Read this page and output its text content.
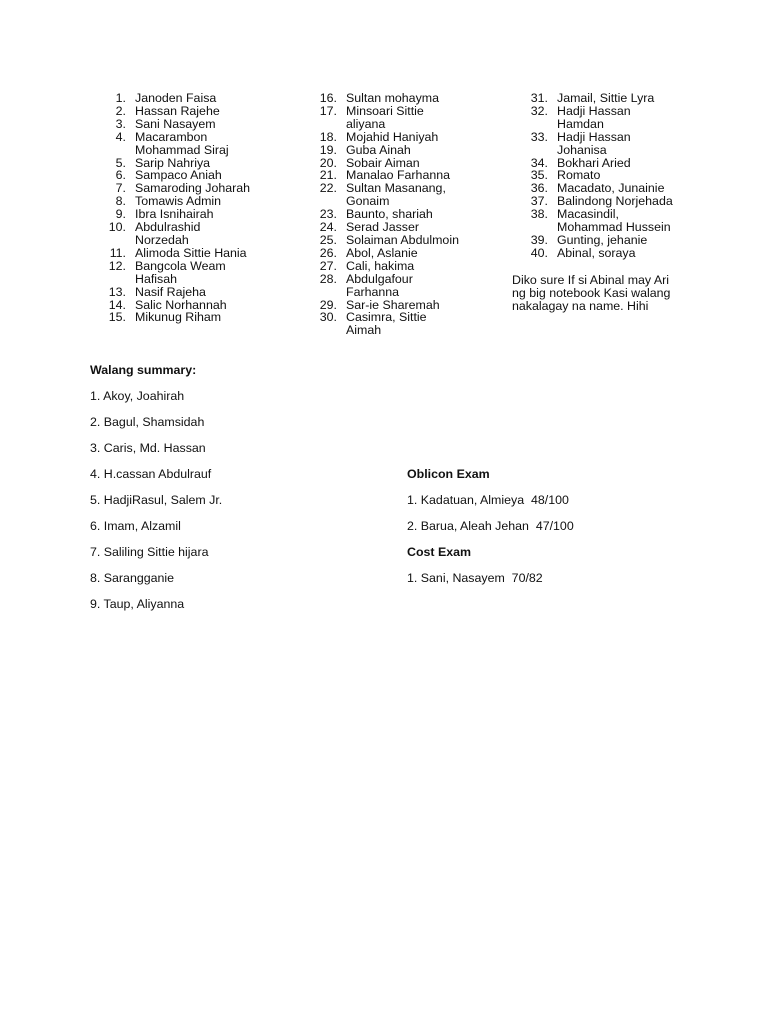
1. Janoden Faisa
2. Hassan Rajehe
3. Sani Nasayem
4. Macarambon Mohammad Siraj
5. Sarip Nahriya
6. Sampaco Aniah
7. Samaroding Joharah
8. Tomawis Admin
9. Ibra Isnihairah
10. Abdulrashid Norzedah
11. Alimoda Sittie Hania
12. Bangcola Weam Hafisah
13. Nasif Rajeha
14. Salic Norhannah
15. Mikunug Riham
16. Sultan mohayma
17. Minsoari Sittie aliyana
18. Mojahid Haniyah
19. Guba Ainah
20. Sobair Aiman
21. Manalao Farhanna
22. Sultan Masanang, Gonaim
23. Baunto, shariah
24. Serad Jasser
25. Solaiman Abdulmoin
26. Abol, Aslanie
27. Cali, hakima
28. Abdulgafour Farhanna
29. Sar-ie Sharemah
30. Casimra, Sittie Aimah
31. Jamail, Sittie Lyra
32. Hadji Hassan Hamdan
33. Hadji Hassan Johanisa
34. Bokhari Aried
35. Romato
36. Macadato, Junainie
37. Balindong Norjehada
38. Macasindil, Mohammad Hussein
39. Gunting, jehanie
40. Abinal, soraya

Diko sure If si Abinal may Ari ng big notebook Kasi walang nakalagay na name. Hihi

Walang summary:

1. Akoy, Joahirah

2. Bagul, Shamsidah

3. Caris, Md. Hassan

4. H.cassan Abdulrauf

5. HadjiRasul, Salem Jr.

6. Imam, Alzamil

7. Saliling Sittie hijara

8. Sarangganie

9. Taup, Aliyanna

Oblicon Exam

1. Kadatuan, Almieya  48/100

2. Barua, Aleah Jehan  47/100

Cost Exam

1. Sani, Nasayem  70/82
